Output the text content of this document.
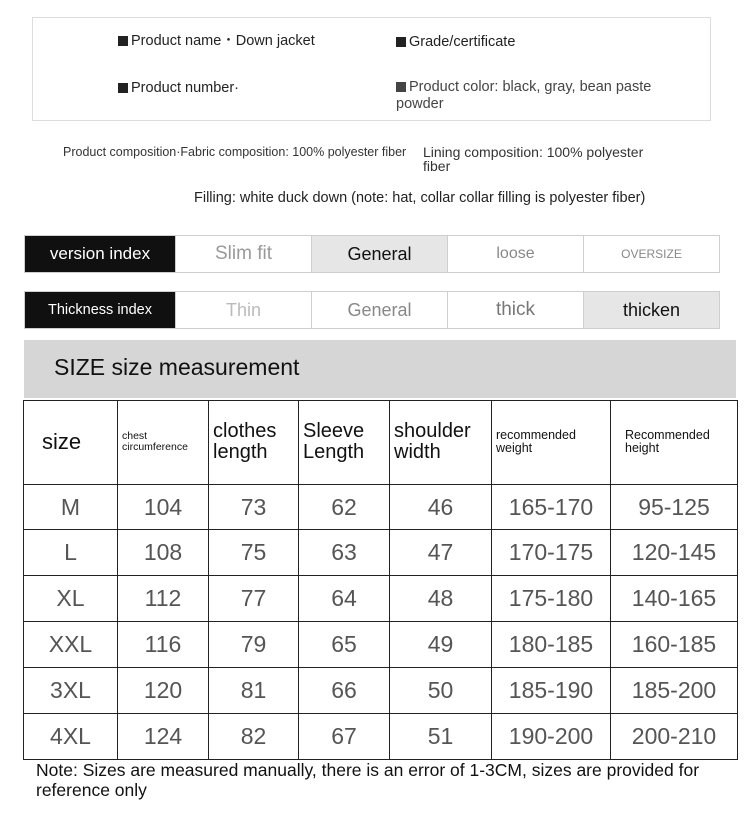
Product name・Down jacket	Grade/certificate
Product number·	Product color: black, gray, bean paste powder
Product composition·Fabric composition: 100% polyester fiber	Lining composition: 100% polyester fiber
Filling: white duck down (note: hat, collar collar filling is polyester fiber)
version index	Slim fit	General	loose	OVERSIZE
Thickness index	Thin	General	thick	thicken
SIZE size measurement
size	chest circumference	clothes length	Sleeve Length	shoulder width	recommended weight	Recommended height
M	104	73	62	46	165-170	95-125
L	108	75	63	47	170-175	120-145
XL	112	77	64	48	175-180	140-165
XXL	116	79	65	49	180-185	160-185
3XL	120	81	66	50	185-190	185-200
4XL	124	82	67	51	190-200	200-210
Note: Sizes are measured manually, there is an error of 1-3CM, sizes are provided for reference only
